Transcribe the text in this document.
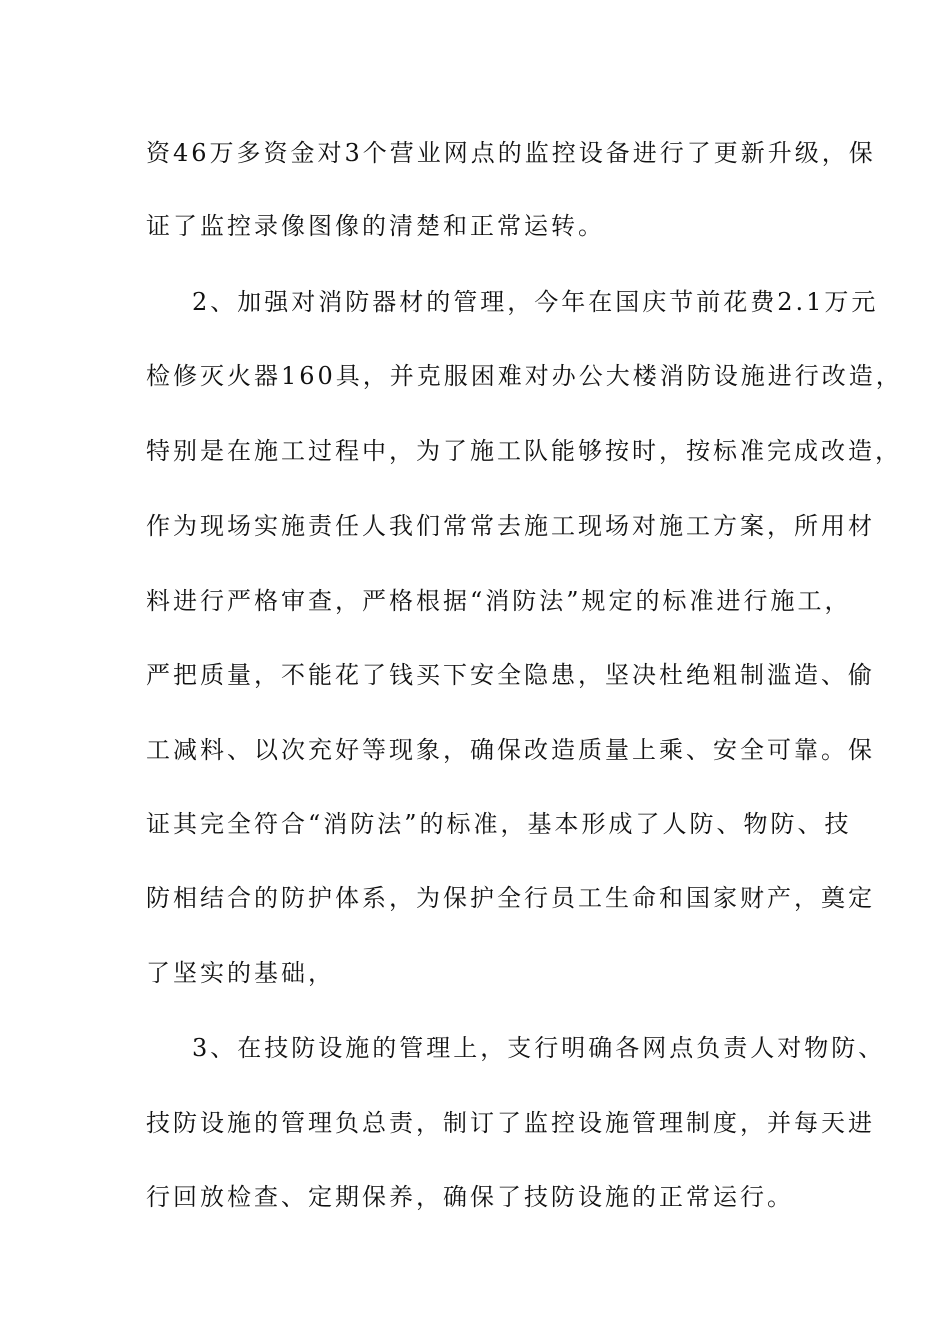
资46万多资金对3个营业网点的监控设备进行了更新升级，保
证了监控录像图像的清楚和正常运转。
2、加强对消防器材的管理，今年在国庆节前花费2.1万元
检修灭火器160具，并克服困难对办公大楼消防设施进行改造，
特别是在施工过程中，为了施工队能够按时，按标准完成改造，
作为现场实施责任人我们常常去施工现场对施工方案，所用材
料进行严格审查，严格根据“消防法”规定的标准进行施工，
严把质量，不能花了钱买下安全隐患，坚决杜绝粗制滥造、偷
工减料、以次充好等现象，确保改造质量上乘、安全可靠。保
证其完全符合“消防法”的标准，基本形成了人防、物防、技
防相结合的防护体系，为保护全行员工生命和国家财产，奠定
了坚实的基础，
3、在技防设施的管理上，支行明确各网点负责人对物防、
技防设施的管理负总责，制订了监控设施管理制度，并每天进
行回放检查、定期保养，确保了技防设施的正常运行。
